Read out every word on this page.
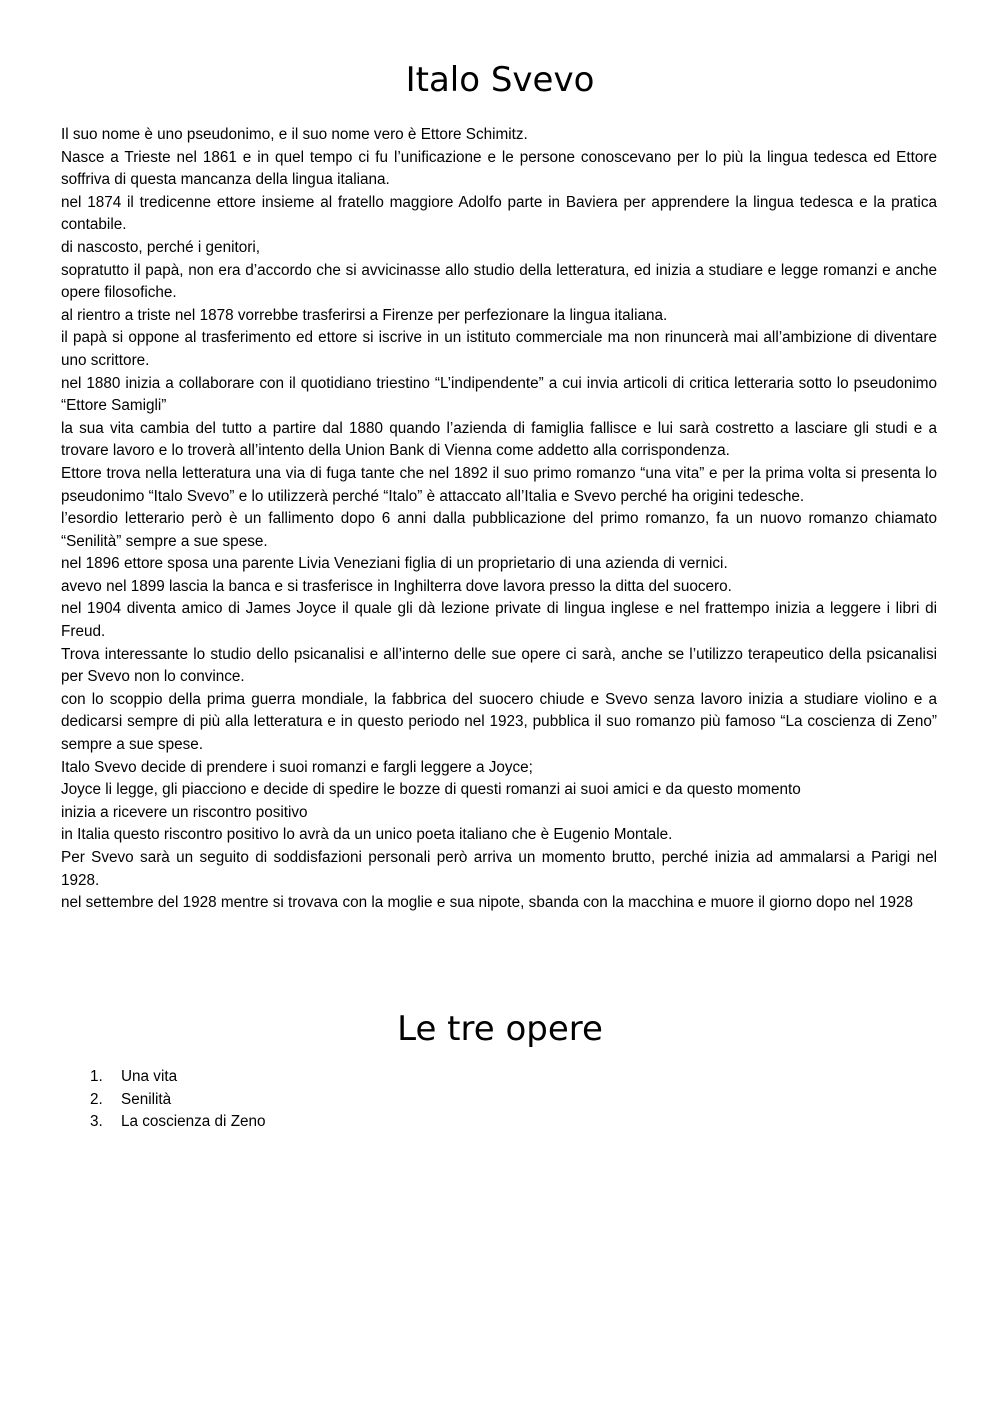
Italo Svevo

Il suo nome è uno pseudonimo, e il suo nome vero è Ettore Schimitz.

Nasce a Trieste nel 1861 e in quel tempo ci fu l’unificazione e le persone conoscevano per lo più la lingua tedesca ed Ettore soffriva di questa mancanza della lingua italiana.

nel 1874 il tredicenne ettore insieme al fratello maggiore Adolfo parte in Baviera per apprendere la lingua tedesca e la pratica contabile.

di nascosto, perché i genitori,

sopratutto il papà, non era d’accordo che si avvicinasse allo studio della letteratura, ed inizia a studiare e legge romanzi e anche opere filosofiche.

al rientro a triste nel 1878 vorrebbe trasferirsi a Firenze per perfezionare la lingua italiana.

il papà si oppone al trasferimento ed ettore si iscrive in un istituto commerciale ma non rinuncerà mai all’ambizione di diventare uno scrittore.

nel 1880 inizia a collaborare con il quotidiano triestino “L’indipendente” a cui invia articoli di critica letteraria sotto lo pseudonimo “Ettore Samigli”

la sua vita cambia del tutto a partire dal 1880 quando l’azienda di famiglia fallisce e lui sarà costretto a lasciare gli studi e a trovare lavoro e lo troverà all’intento della Union Bank di Vienna come addetto alla corrispondenza.

Ettore trova nella letteratura una via di fuga tante che nel 1892 il suo primo romanzo “una vita” e per la prima volta si presenta lo pseudonimo “Italo Svevo” e lo utilizzerà perché “Italo” è attaccato all’Italia e Svevo perché ha origini tedesche.

l’esordio letterario però è un fallimento dopo 6 anni dalla pubblicazione del primo romanzo, fa un nuovo romanzo chiamato “Senilità” sempre a sue spese.

nel 1896 ettore sposa una parente Livia Veneziani figlia di un proprietario di una azienda di vernici.

avevo nel 1899 lascia la banca e si trasferisce in Inghilterra dove lavora presso la ditta del suocero.

nel 1904 diventa amico di James Joyce il quale gli dà lezione private di lingua inglese e nel frattempo inizia a leggere i libri di Freud.

Trova interessante lo studio dello psicanalisi e all’interno delle sue opere ci sarà, anche se l’utilizzo terapeutico della psicanalisi per Svevo non lo convince.

con lo scoppio della prima guerra mondiale, la fabbrica del suocero chiude e Svevo senza lavoro inizia a studiare violino e a dedicarsi sempre di più alla letteratura e in questo periodo nel 1923, pubblica il suo romanzo più famoso “La coscienza di Zeno” sempre a sue spese.

Italo Svevo decide di prendere i suoi romanzi e fargli leggere a Joyce;

Joyce li legge, gli piacciono e decide di spedire le bozze di questi romanzi ai suoi amici e da questo momento

inizia a ricevere un riscontro positivo

in Italia questo riscontro positivo lo avrà da un unico poeta italiano che è Eugenio Montale.

Per Svevo sarà un seguito di soddisfazioni personali però arriva un momento brutto, perché inizia ad ammalarsi a Parigi nel 1928.

nel settembre del 1928 mentre si trovava con la moglie e sua nipote, sbanda con la macchina e muore il giorno dopo nel 1928

Le tre opere
1.	Una vita
2.	Senilità
3.	La coscienza di Zeno
